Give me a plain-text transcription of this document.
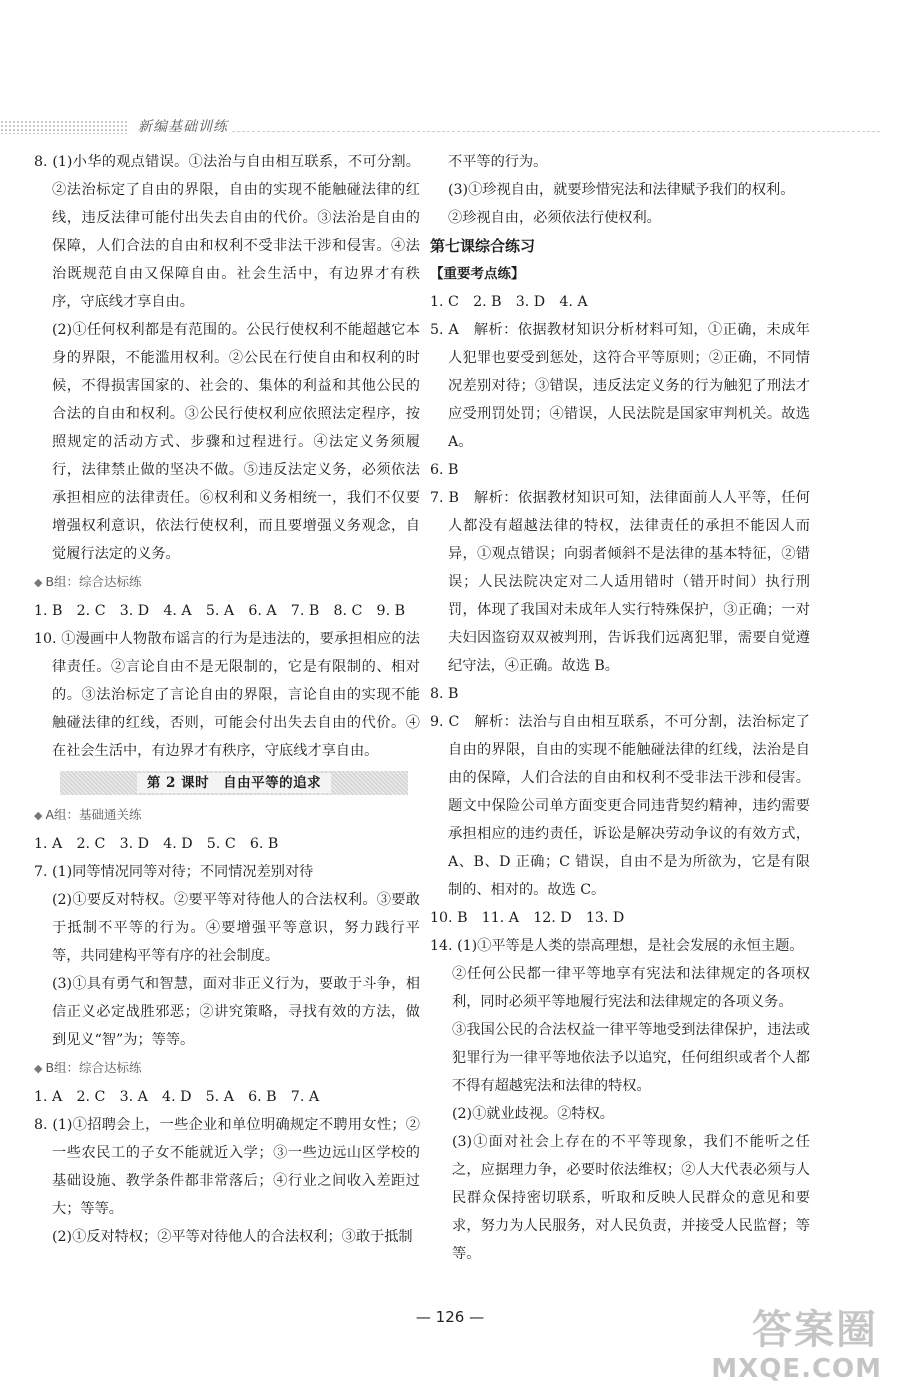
新编基础训练

8. (1)小华的观点错误。①法治与自由相互联系，不可分割。②法治标定了自由的界限，自由的实现不能触碰法律的红线，违反法律可能付出失去自由的代价。③法治是自由的保障，人们合法的自由和权利不受非法干涉和侵害。④法治既规范自由又保障自由。社会生活中，有边界才有秩序，守底线才享自由。

(2)①任何权利都是有范围的。公民行使权利不能超越它本身的界限，不能滥用权利。②公民在行使自由和权利的时候，不得损害国家的、社会的、集体的利益和其他公民的合法的自由和权利。③公民行使权利应依照法定程序，按照规定的活动方式、步骤和过程进行。④法定义务须履行，法律禁止做的坚决不做。⑤违反法定义务，必须依法承担相应的法律责任。⑥权利和义务相统一，我们不仅要增强权利意识，依法行使权利，而且要增强义务观念，自觉履行法定的义务。

◆ B组：综合达标练

1. B　2. C　3. D　4. A　5. A　6. A　7. B　8. C　9. B

10. ①漫画中人物散布谣言的行为是违法的，要承担相应的法律责任。②言论自由不是无限制的，它是有限制的、相对的。③法治标定了言论自由的界限，言论自由的实现不能触碰法律的红线，否则，可能会付出失去自由的代价。④在社会生活中，有边界才有秩序，守底线才享自由。

第 2 课时　自由平等的追求

◆ A组：基础通关练

1. A　2. C　3. D　4. D　5. C　6. B

7. (1)同等情况同等对待；不同情况差别对待

(2)①要反对特权。②要平等对待他人的合法权利。③要敢于抵制不平等的行为。④要增强平等意识，努力践行平等，共同建构平等有序的社会制度。

(3)①具有勇气和智慧，面对非正义行为，要敢于斗争，相信正义必定战胜邪恶；②讲究策略，寻找有效的方法，做到见义“智”为；等等。

◆ B组：综合达标练

1. A　2. C　3. A　4. D　5. A　6. B　7. A

8. (1)①招聘会上，一些企业和单位明确规定不聘用女性；②一些农民工的子女不能就近入学；③一些边远山区学校的基础设施、教学条件都非常落后；④行业之间收入差距过大；等等。

(2)①反对特权；②平等对待他人的合法权利；③敢于抵制

不平等的行为。

(3)①珍视自由，就要珍惜宪法和法律赋予我们的权利。

②珍视自由，必须依法行使权利。

第七课综合练习

【重要考点练】

1. C　2. B　3. D　4. A

5. A　解析：依据教材知识分析材料可知，①正确，未成年人犯罪也要受到惩处，这符合平等原则；②正确，不同情况差别对待；③错误，违反法定义务的行为触犯了刑法才应受刑罚处罚；④错误，人民法院是国家审判机关。故选 A。

6. B

7. B　解析：依据教材知识可知，法律面前人人平等，任何人都没有超越法律的特权，法律责任的承担不能因人而异，①观点错误；向弱者倾斜不是法律的基本特征，②错误；人民法院决定对二人适用错时（错开时间）执行刑罚，体现了我国对未成年人实行特殊保护，③正确；一对夫妇因盗窃双双被判刑，告诉我们远离犯罪，需要自觉遵纪守法，④正确。故选 B。

8. B

9. C　解析：法治与自由相互联系，不可分割，法治标定了自由的界限，自由的实现不能触碰法律的红线，法治是自由的保障，人们合法的自由和权利不受非法干涉和侵害。题文中保险公司单方面变更合同违背契约精神，违约需要承担相应的违约责任，诉讼是解决劳动争议的有效方式，A、B、D 正确；C 错误，自由不是为所欲为，它是有限制的、相对的。故选 C。

10. B　11. A　12. D　13. D

14. (1)①平等是人类的崇高理想，是社会发展的永恒主题。

②任何公民都一律平等地享有宪法和法律规定的各项权利，同时必须平等地履行宪法和法律规定的各项义务。

③我国公民的合法权益一律平等地受到法律保护，违法或犯罪行为一律平等地依法予以追究，任何组织或者个人都不得有超越宪法和法律的特权。

(2)①就业歧视。②特权。

(3)①面对社会上存在的不平等现象，我们不能听之任之，应据理力争，必要时依法维权；②人大代表必须与人民群众保持密切联系，听取和反映人民群众的意见和要求，努力为人民服务，对人民负责，并接受人民监督；等等。

— 126 —	答案圈
MXQE.COM
